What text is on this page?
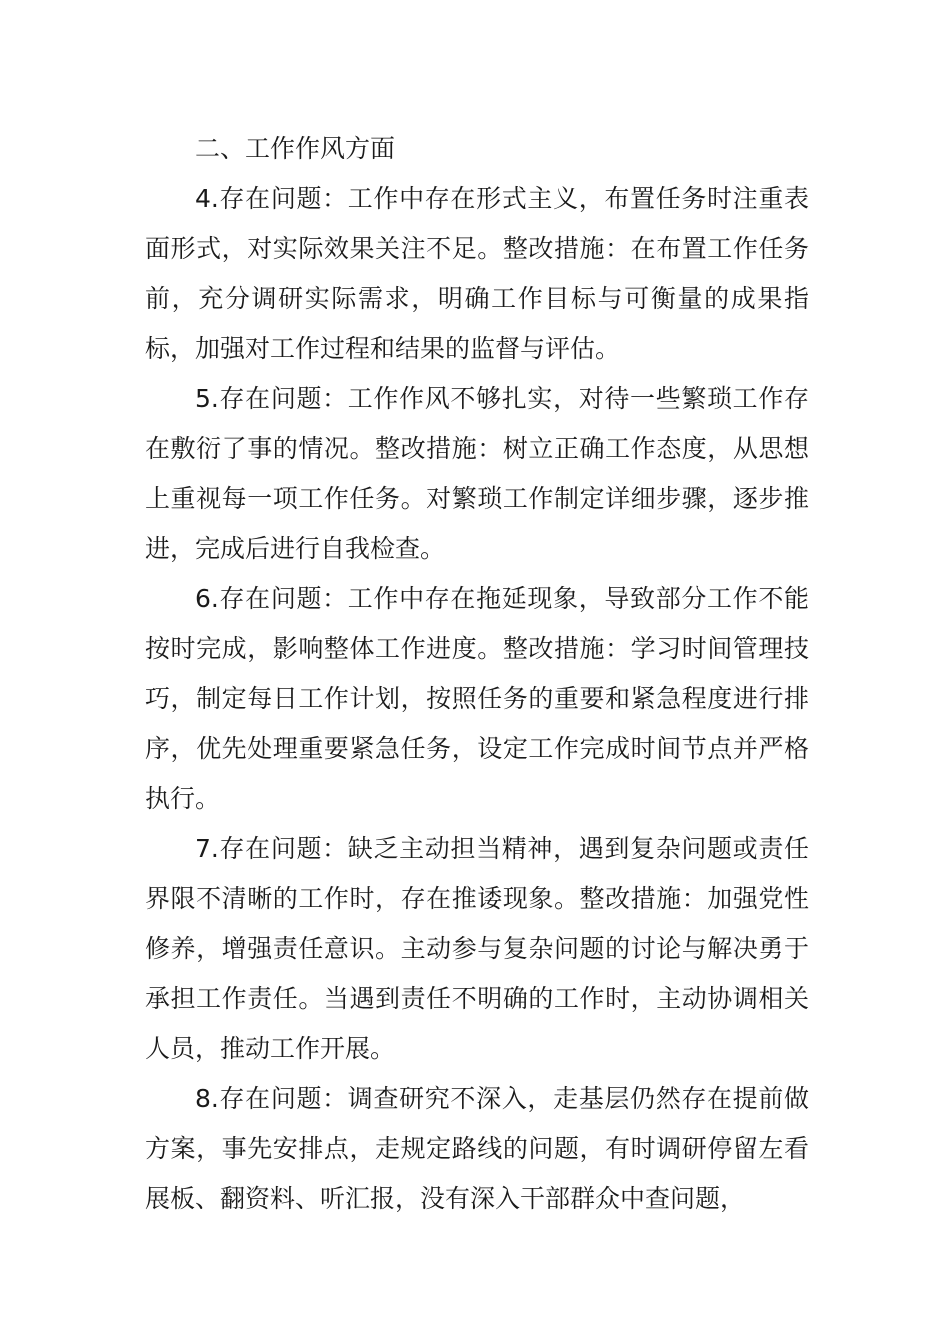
二、工作作风方面

4.存在问题：工作中存在形式主义，布置任务时注重表面形式，对实际效果关注不足。整改措施：在布置工作任务前，充分调研实际需求，明确工作目标与可衡量的成果指标，加强对工作过程和结果的监督与评估。

5.存在问题：工作作风不够扎实，对待一些繁琐工作存在敷衍了事的情况。整改措施：树立正确工作态度，从思想上重视每一项工作任务。对繁琐工作制定详细步骤，逐步推进，完成后进行自我检查。

6.存在问题：工作中存在拖延现象，导致部分工作不能按时完成，影响整体工作进度。整改措施：学习时间管理技巧，制定每日工作计划，按照任务的重要和紧急程度进行排序，优先处理重要紧急任务，设定工作完成时间节点并严格执行。

7.存在问题：缺乏主动担当精神，遇到复杂问题或责任界限不清晰的工作时，存在推诿现象。整改措施：加强党性修养，增强责任意识。主动参与复杂问题的讨论与解决勇于承担工作责任。当遇到责任不明确的工作时，主动协调相关人员，推动工作开展。

8.存在问题：调查研究不深入，走基层仍然存在提前做方案，事先安排点，走规定路线的问题，有时调研停留左看展板、翻资料、听汇报，没有深入干部群众中查问题，
